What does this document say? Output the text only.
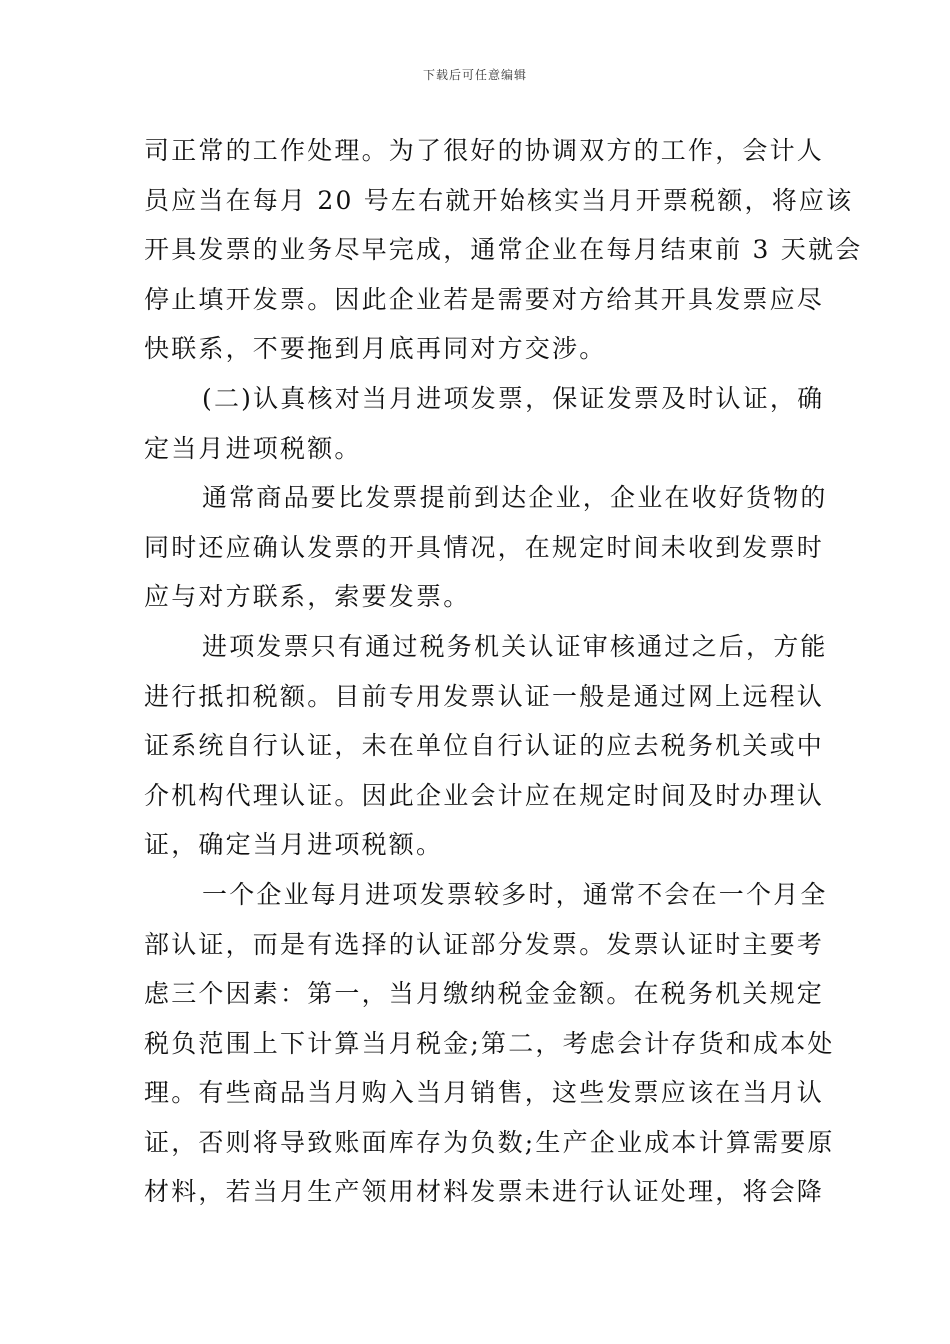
下载后可任意编辑
司正常的工作处理。为了很好的协调双方的工作，会计人
员应当在每月 20 号左右就开始核实当月开票税额，将应该
开具发票的业务尽早完成，通常企业在每月结束前 3 天就会
停止填开发票。因此企业若是需要对方给其开具发票应尽
快联系，不要拖到月底再同对方交涉。
(二)认真核对当月进项发票，保证发票及时认证，确
定当月进项税额。
通常商品要比发票提前到达企业，企业在收好货物的
同时还应确认发票的开具情况，在规定时间未收到发票时
应与对方联系，索要发票。
进项发票只有通过税务机关认证审核通过之后，方能
进行抵扣税额。目前专用发票认证一般是通过网上远程认
证系统自行认证，未在单位自行认证的应去税务机关或中
介机构代理认证。因此企业会计应在规定时间及时办理认
证，确定当月进项税额。
一个企业每月进项发票较多时，通常不会在一个月全
部认证，而是有选择的认证部分发票。发票认证时主要考
虑三个因素：第一，当月缴纳税金金额。在税务机关规定
税负范围上下计算当月税金;第二，考虑会计存货和成本处
理。有些商品当月购入当月销售，这些发票应该在当月认
证，否则将导致账面库存为负数;生产企业成本计算需要原
材料，若当月生产领用材料发票未进行认证处理，将会降
